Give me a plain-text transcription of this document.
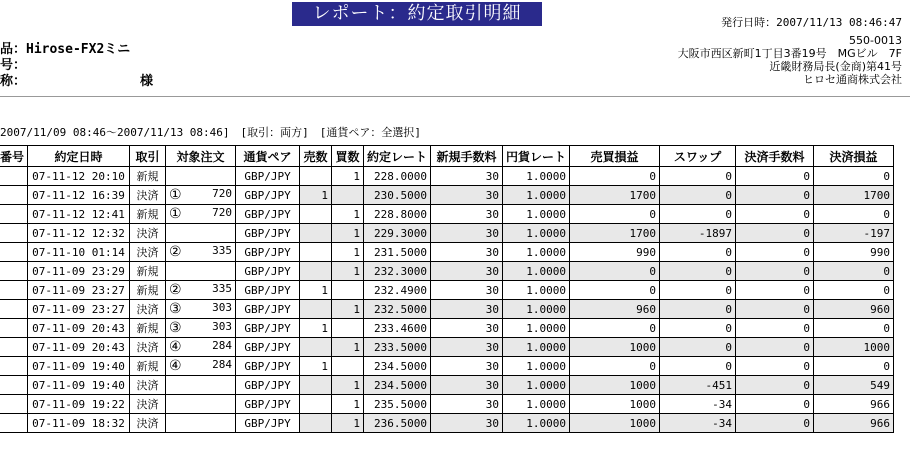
レポート：約定取引明細	発行日時：2007/11/13 08:46:47
品：Hirose-FX2ミニ
号：
称：	様
550-0013
大阪市西区新町1丁目3番19号　MGビル　7F
近畿財務局長(金商)第41号
ヒロセ通商株式会社
2007/11/09 08:46～2007/11/13 08:46]　[取引：両方]　[通貨ペア：全選択]
番号	約定日時	取引	対象注文	通貨ペア	売数	買数	約定レート	新規手数料	円貨レート	売買損益	スワップ	決済手数料	決済損益
	07-11-12 20:10	新規		GBP/JPY		1	228.0000	30	1.0000	0	0	0	0
	07-11-12 16:39	決済	① 720	GBP/JPY	1		230.5000	30	1.0000	1700	0	0	1700
	07-11-12 12:41	新規	① 720	GBP/JPY		1	228.8000	30	1.0000	0	0	0	0
	07-11-12 12:32	決済		GBP/JPY		1	229.3000	30	1.0000	1700	-1897	0	-197
	07-11-10 01:14	決済	② 335	GBP/JPY		1	231.5000	30	1.0000	990	0	0	990
	07-11-09 23:29	新規		GBP/JPY		1	232.3000	30	1.0000	0	0	0	0
	07-11-09 23:27	新規	② 335	GBP/JPY	1		232.4900	30	1.0000	0	0	0	0
	07-11-09 23:27	決済	③ 303	GBP/JPY		1	232.5000	30	1.0000	960	0	0	960
	07-11-09 20:43	新規	③ 303	GBP/JPY	1		233.4600	30	1.0000	0	0	0	0
	07-11-09 20:43	決済	④ 284	GBP/JPY		1	233.5000	30	1.0000	1000	0	0	1000
	07-11-09 19:40	新規	④ 284	GBP/JPY	1		234.5000	30	1.0000	0	0	0	0
	07-11-09 19:40	決済		GBP/JPY		1	234.5000	30	1.0000	1000	-451	0	549
	07-11-09 19:22	決済		GBP/JPY		1	235.5000	30	1.0000	1000	-34	0	966
	07-11-09 18:32	決済		GBP/JPY		1	236.5000	30	1.0000	1000	-34	0	966
